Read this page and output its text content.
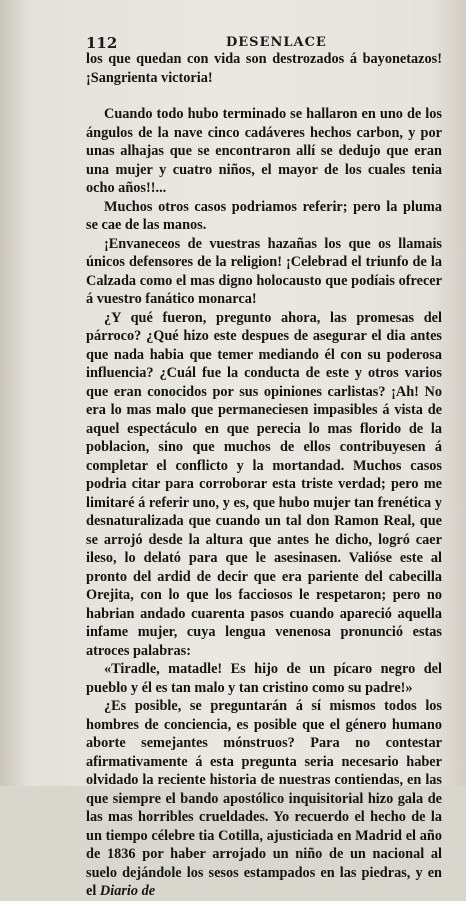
112	DESENLACE

los que quedan con vida son destrozados á bayonetazos! ¡Sangrienta victoria!

Cuando todo hubo terminado se hallaron en uno de los ángulos de la nave cinco cadáveres hechos carbon, y por unas alhajas que se encontraron allí se dedujo que eran una mujer y cuatro niños, el mayor de los cuales tenia ocho años!!...

Muchos otros casos podriamos referir; pero la pluma se cae de las manos.

¡Envaneceos de vuestras hazañas los que os llamais únicos defensores de la religion! ¡Celebrad el triunfo de la Calzada como el mas digno holocausto que podíais ofrecer á vuestro fanático monarca!

¿Y qué fueron, pregunto ahora, las promesas del párroco? ¿Qué hizo este despues de asegurar el dia antes que nada habia que temer mediando él con su poderosa influencia? ¿Cuál fue la conducta de este y otros varios que eran conocidos por sus opiniones carlistas? ¡Ah! No era lo mas malo que permaneciesen impasibles á vista de aquel espectáculo en que perecia lo mas florido de la poblacion, sino que muchos de ellos contribuyesen á completar el conflicto y la mortandad. Muchos casos podria citar para corroborar esta triste verdad; pero me limitaré á referir uno, y es, que hubo mujer tan frenética y desnaturalizada que cuando un tal don Ramon Real, que se arrojó desde la altura que antes he dicho, logró caer ileso, lo delató para que le asesinasen. Valióse este al pronto del ardid de decir que era pariente del cabecilla Orejita, con lo que los facciosos le respetaron; pero no habrian andado cuarenta pasos cuando apareció aquella infame mujer, cuya lengua venenosa pronunció estas atroces palabras:

«Tiradle, matadle! Es hijo de un pícaro negro del pueblo y él es tan malo y tan cristino como su padre!»

¿Es posible, se preguntarán á sí mismos todos los hombres de conciencia, es posible que el género humano aborte semejantes mónstruos? Para no contestar afirmativamente á esta pregunta seria necesario haber olvidado la reciente historia de nuestras contiendas, en las que siempre el bando apostólico inquisitorial hizo gala de las mas horribles crueldades. Yo recuerdo el hecho de la un tiempo célebre tia Cotilla, ajusticiada en Madrid el año de 1836 por haber arrojado un niño de un nacional al suelo dejándole los sesos estampados en las piedras, y en el Diario de
